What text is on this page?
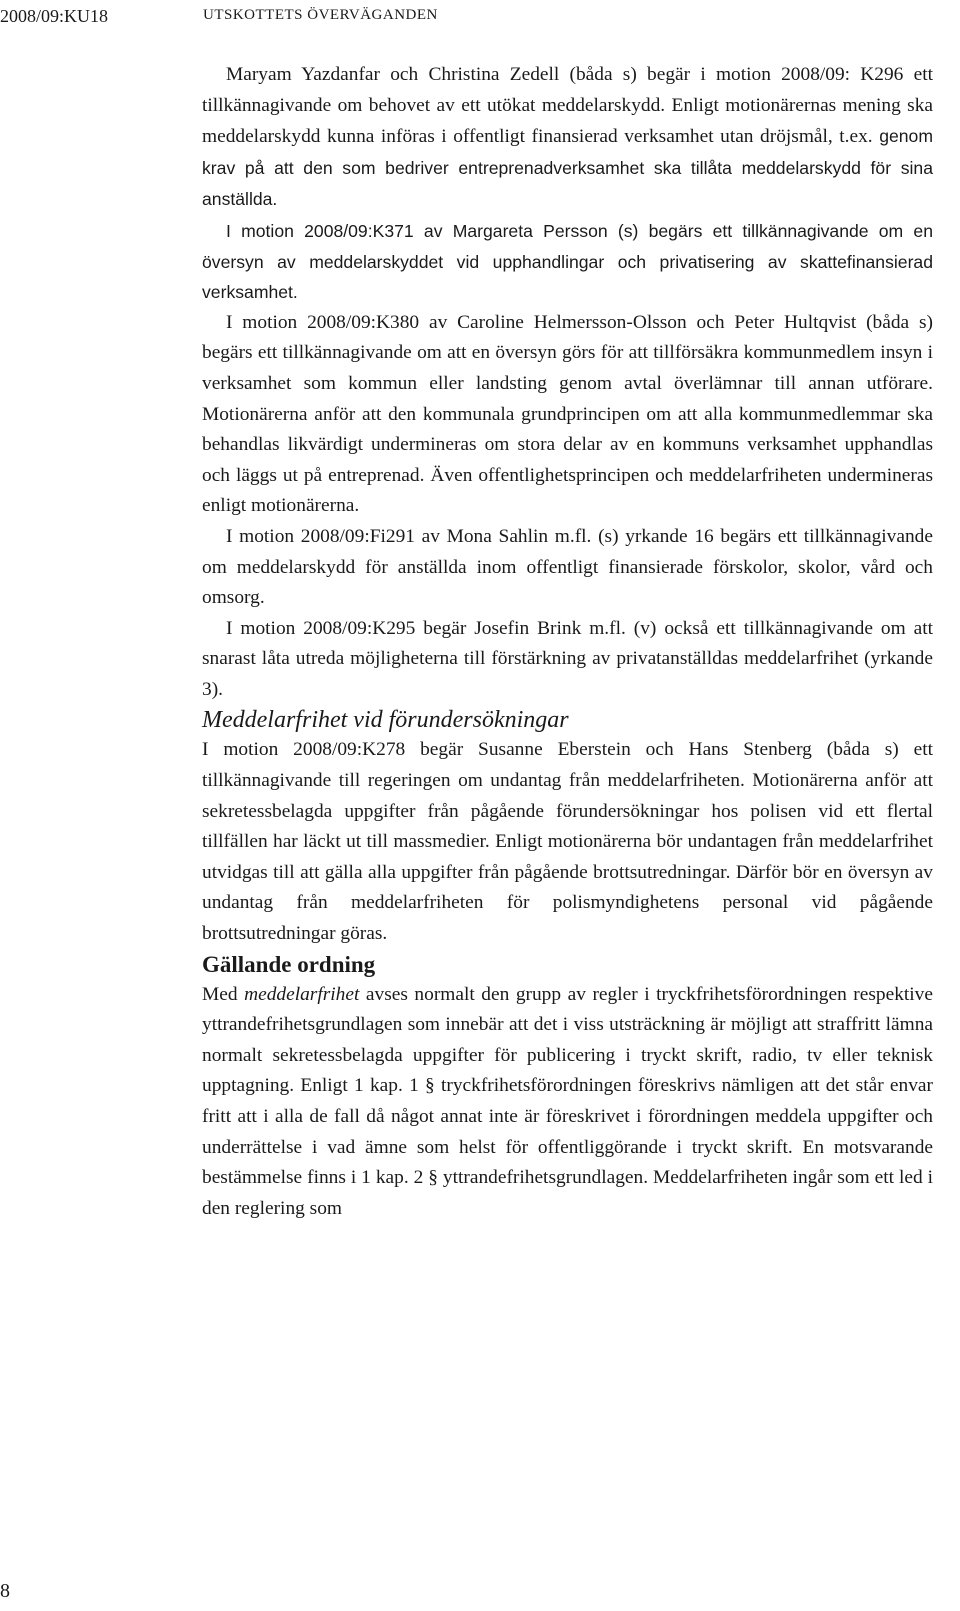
2008/09:KU18	UTSKOTTETS ÖVERVÄGANDEN

Maryam Yazdanfar och Christina Zedell (båda s) begär i motion 2008/09: K296 ett tillkännagivande om behovet av ett utökat meddelarskydd. Enligt motionärernas mening ska meddelarskydd kunna införas i offentligt finansierad verksamhet utan dröjsmål, t.ex. genom krav på att den som bedriver entreprenadverksamhet ska tillåta meddelarskydd för sina anställda.

I motion 2008/09:K371 av Margareta Persson (s) begärs ett tillkännagivande om en översyn av meddelarskyddet vid upphandlingar och privatisering av skattefinansierad verksamhet.

I motion 2008/09:K380 av Caroline Helmersson-Olsson och Peter Hultqvist (båda s) begärs ett tillkännagivande om att en översyn görs för att tillförsäkra kommunmedlem insyn i verksamhet som kommun eller landsting genom avtal överlämnar till annan utförare. Motionärerna anför att den kommunala grundprincipen om att alla kommunmedlemmar ska behandlas likvärdigt undermineras om stora delar av en kommuns verksamhet upphandlas och läggs ut på entreprenad. Även offentlighetsprincipen och meddelarfriheten undermineras enligt motionärerna.

I motion 2008/09:Fi291 av Mona Sahlin m.fl. (s) yrkande 16 begärs ett tillkännagivande om meddelarskydd för anställda inom offentligt finansierade förskolor, skolor, vård och omsorg.

I motion 2008/09:K295 begär Josefin Brink m.fl. (v) också ett tillkännagivande om att snarast låta utreda möjligheterna till förstärkning av privatanställdas meddelarfrihet (yrkande 3).

Meddelarfrihet vid förundersökningar

I motion 2008/09:K278 begär Susanne Eberstein och Hans Stenberg (båda s) ett tillkännagivande till regeringen om undantag från meddelarfriheten. Motionärerna anför att sekretessbelagda uppgifter från pågående förundersökningar hos polisen vid ett flertal tillfällen har läckt ut till massmedier. Enligt motionärerna bör undantagen från meddelarfrihet utvidgas till att gälla alla uppgifter från pågående brottsutredningar. Därför bör en översyn av undantag från meddelarfriheten för polismyndighetens personal vid pågående brottsutredningar göras.

Gällande ordning

Med meddelarfrihet avses normalt den grupp av regler i tryckfrihetsförordningen respektive yttrandefrihetsgrundlagen som innebär att det i viss utsträckning är möjligt att straffritt lämna normalt sekretessbelagda uppgifter för publicering i tryckt skrift, radio, tv eller teknisk upptagning. Enligt 1 kap. 1 § tryckfrihetsförordningen föreskrivs nämligen att det står envar fritt att i alla de fall då något annat inte är föreskrivet i förordningen meddela uppgifter och underrättelse i vad ämne som helst för offentliggörande i tryckt skrift. En motsvarande bestämmelse finns i 1 kap. 2 § yttrandefrihetsgrundlagen. Meddelarfriheten ingår som ett led i den reglering som

8
